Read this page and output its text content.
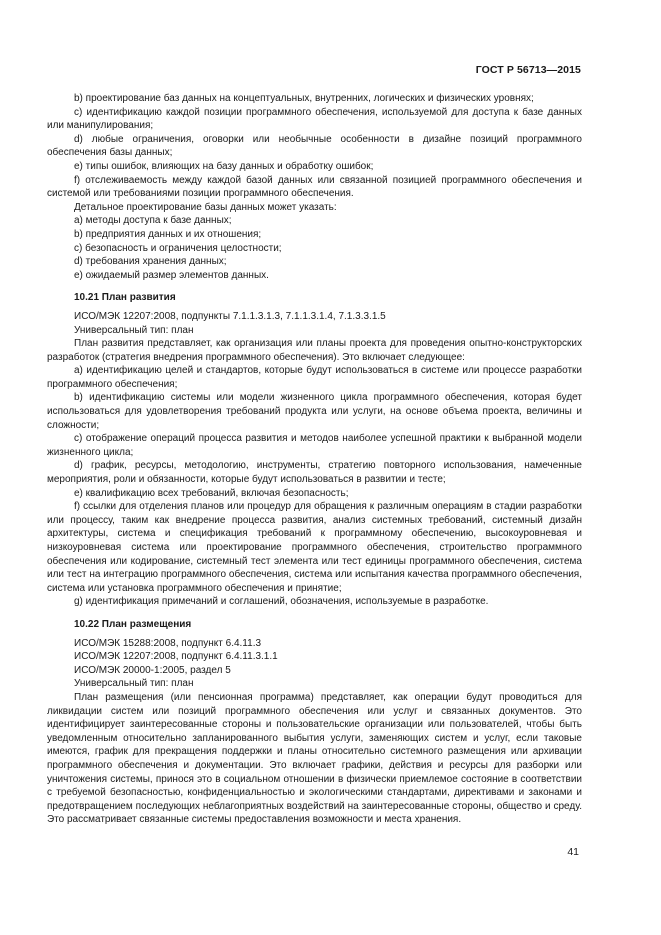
ГОСТ Р 56713—2015

b) проектирование баз данных на концептуальных, внутренних, логических и физических уровнях;

c) идентификацию каждой позиции программного обеспечения, используемой для доступа к базе данных или манипулирования;

d) любые ограничения, оговорки или необычные особенности в дизайне позиций программного обеспечения базы данных;

e) типы ошибок, влияющих на базу данных и обработку ошибок;

f) отслеживаемость между каждой базой данных или связанной позицией программного обеспечения и системой или требованиями позиции программного обеспечения.

Детальное проектирование базы данных может указать:

a) методы доступа к базе данных;

b) предприятия данных и их отношения;

c) безопасность и ограничения целостности;

d) требования хранения данных;

e) ожидаемый размер элементов данных.

10.21 План развития

ИСО/МЭК 12207:2008, подпункты 7.1.1.3.1.3, 7.1.1.3.1.4, 7.1.3.3.1.5

Универсальный тип: план

План развития представляет, как организация или планы проекта для проведения опытно-конструкторских разработок (стратегия внедрения программного обеспечения). Это включает следующее:

a) идентификацию целей и стандартов, которые будут использоваться в системе или процессе разработки программного обеспечения;

b) идентификацию системы или модели жизненного цикла программного обеспечения, которая будет использоваться для удовлетворения требований продукта или услуги, на основе объема проекта, величины и сложности;

c) отображение операций процесса развития и методов наиболее успешной практики к выбранной модели жизненного цикла;

d) график, ресурсы, методологию, инструменты, стратегию повторного использования, намеченные мероприятия, роли и обязанности, которые будут использоваться в развитии и тесте;

e) квалификацию всех требований, включая безопасность;

f) ссылки для отделения планов или процедур для обращения к различным операциям в стадии разработки или процессу, таким как внедрение процесса развития, анализ системных требований, системный дизайн архитектуры, система и спецификация требований к программному обеспечению, высокоуровневая и низкоуровневая система или проектирование программного обеспечения, строительство программного обеспечения или кодирование, системный тест элемента или тест единицы программного обеспечения, система или тест на интеграцию программного обеспечения, система или испытания качества программного обеспечения, система или установка программного обеспечения и принятие;

g) идентификация примечаний и соглашений, обозначения, используемые в разработке.

10.22 План размещения

ИСО/МЭК 15288:2008, подпункт 6.4.11.3

ИСО/МЭК 12207:2008, подпункт 6.4.11.3.1.1

ИСО/МЭК 20000-1:2005, раздел 5

Универсальный тип: план

План размещения (или пенсионная программа) представляет, как операции будут проводиться для ликвидации систем или позиций программного обеспечения или услуг и связанных документов. Это идентифицирует заинтересованные стороны и пользовательские организации или пользователей, чтобы быть уведомленным относительно запланированного выбытия услуги, заменяющих систем и услуг, если таковые имеются, график для прекращения поддержки и планы относительно системного размещения или архивации программного обеспечения и документации. Это включает графики, действия и ресурсы для разборки или уничтожения системы, принося это в социальном отношении в физически приемлемое состояние в соответствии с требуемой безопасностью, конфиденциальностью и экологическими стандартами, директивами и законами и предотвращением последующих неблагоприятных воздействий на заинтересованные стороны, общество и среду. Это рассматривает связанные системы предоставления возможности и места хранения.

41
